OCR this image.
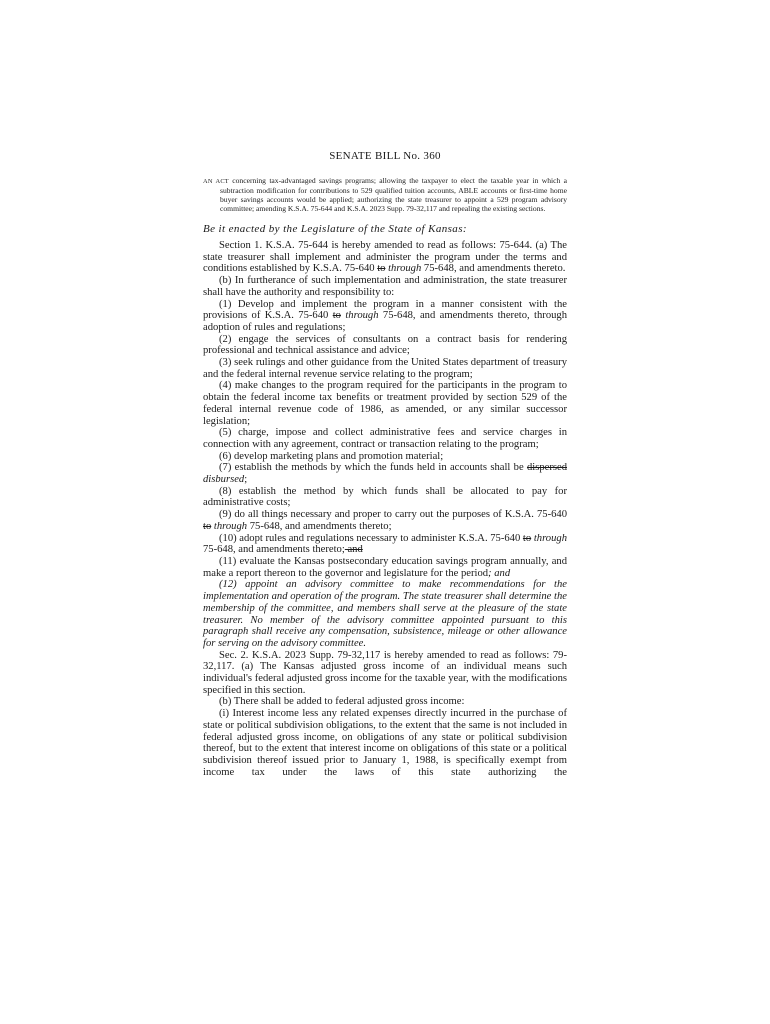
SENATE BILL No. 360

AN ACT concerning tax-advantaged savings programs; allowing the taxpayer to elect the taxable year in which a subtraction modification for contributions to 529 qualified tuition accounts, ABLE accounts or first-time home buyer savings accounts would be applied; authorizing the state treasurer to appoint a 529 program advisory committee; amending K.S.A. 75-644 and K.S.A. 2023 Supp. 79-32,117 and repealing the existing sections.

Be it enacted by the Legislature of the State of Kansas:

Section 1. K.S.A. 75-644 is hereby amended to read as follows: 75-644. (a) The state treasurer shall implement and administer the program under the terms and conditions established by K.S.A. 75-640 to through 75-648, and amendments thereto.

(b) In furtherance of such implementation and administration, the state treasurer shall have the authority and responsibility to:

(1) Develop and implement the program in a manner consistent with the provisions of K.S.A. 75-640 to through 75-648, and amendments thereto, through adoption of rules and regulations;

(2) engage the services of consultants on a contract basis for rendering professional and technical assistance and advice;

(3) seek rulings and other guidance from the United States department of treasury and the federal internal revenue service relating to the program;

(4) make changes to the program required for the participants in the program to obtain the federal income tax benefits or treatment provided by section 529 of the federal internal revenue code of 1986, as amended, or any similar successor legislation;

(5) charge, impose and collect administrative fees and service charges in connection with any agreement, contract or transaction relating to the program;

(6) develop marketing plans and promotion material;

(7) establish the methods by which the funds held in accounts shall be dispersed disbursed;

(8) establish the method by which funds shall be allocated to pay for administrative costs;

(9) do all things necessary and proper to carry out the purposes of K.S.A. 75-640 to through 75-648, and amendments thereto;

(10) adopt rules and regulations necessary to administer K.S.A. 75-640 to through 75-648, and amendments thereto; and

(11) evaluate the Kansas postsecondary education savings program annually, and make a report thereon to the governor and legislature for the period; and

(12) appoint an advisory committee to make recommendations for the implementation and operation of the program. The state treasurer shall determine the membership of the committee, and members shall serve at the pleasure of the state treasurer. No member of the advisory committee appointed pursuant to this paragraph shall receive any compensation, subsistence, mileage or other allowance for serving on the advisory committee.

Sec. 2. K.S.A. 2023 Supp. 79-32,117 is hereby amended to read as follows: 79-32,117. (a) The Kansas adjusted gross income of an individual means such individual's federal adjusted gross income for the taxable year, with the modifications specified in this section.

(b) There shall be added to federal adjusted gross income:

(i) Interest income less any related expenses directly incurred in the purchase of state or political subdivision obligations, to the extent that the same is not included in federal adjusted gross income, on obligations of any state or political subdivision thereof, but to the extent that interest income on obligations of this state or a political subdivision thereof issued prior to January 1, 1988, is specifically exempt from income tax under the laws of this state authorizing the
